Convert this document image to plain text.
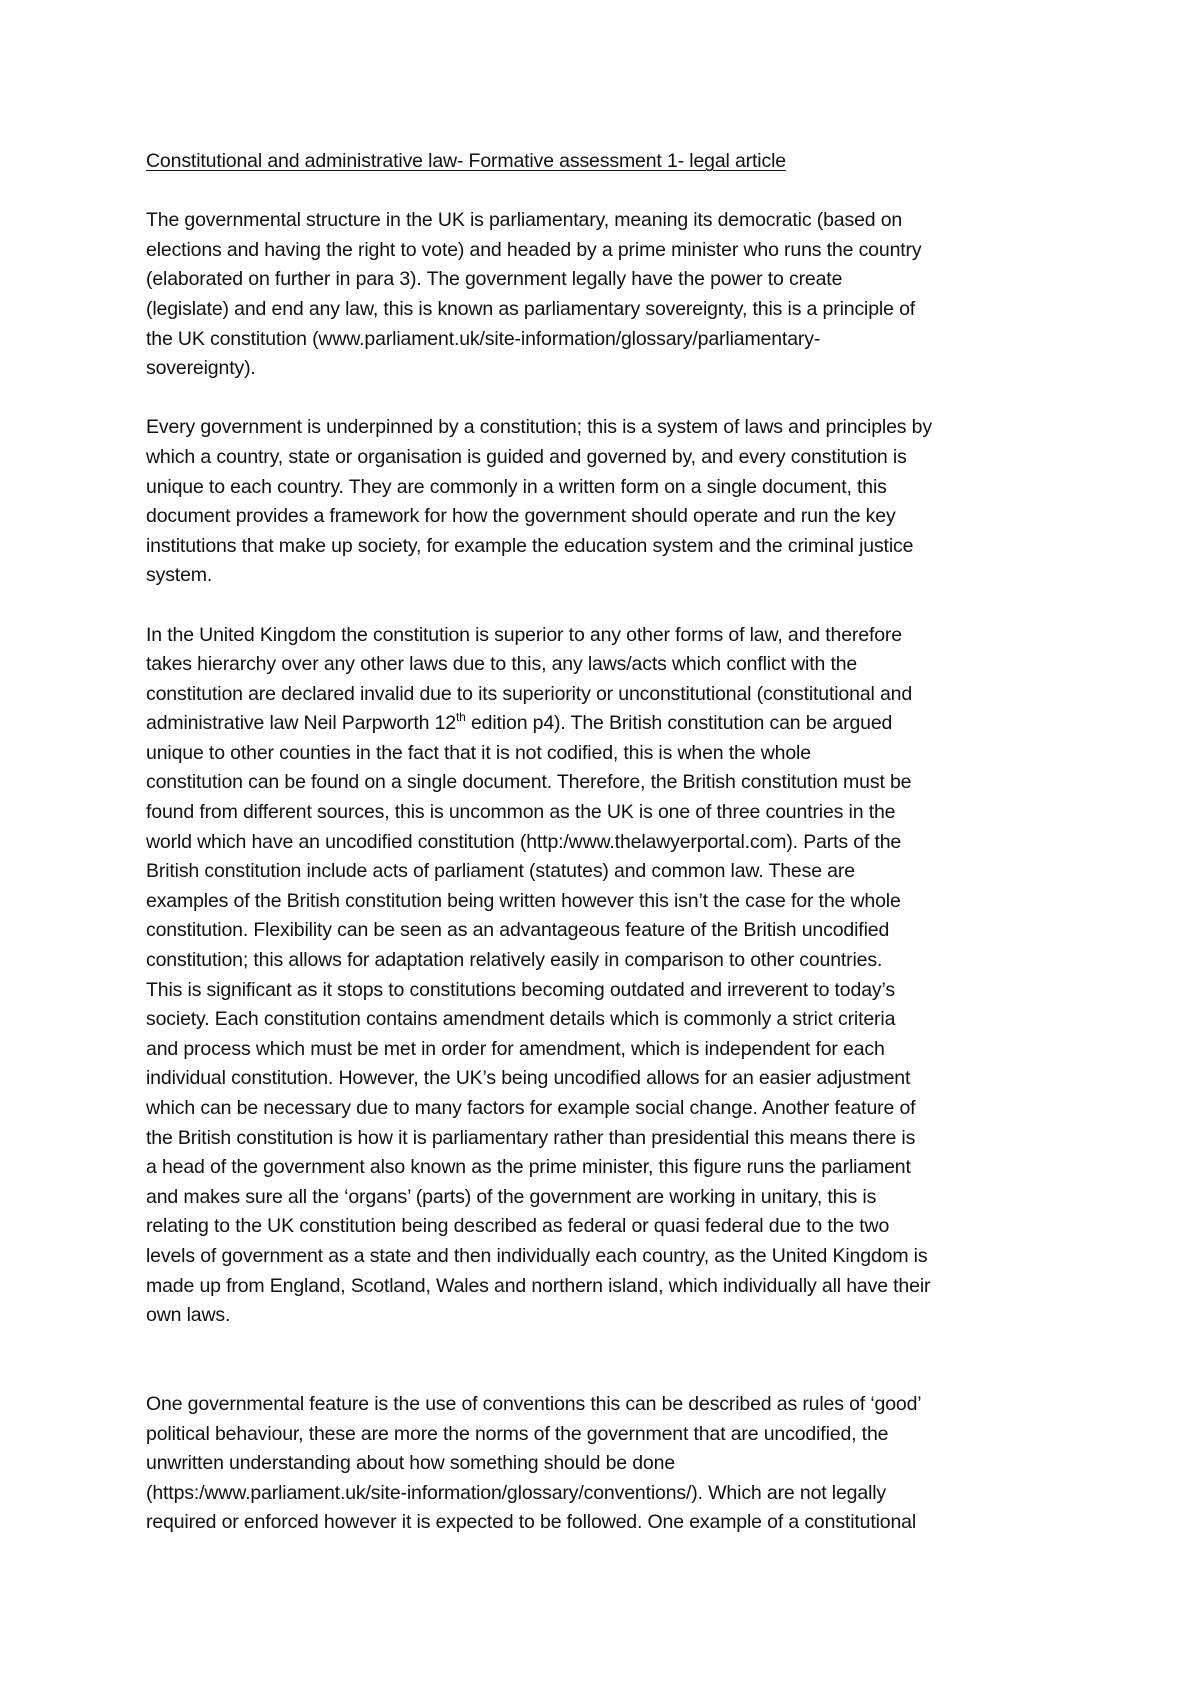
Constitutional and administrative law- Formative assessment 1- legal article
The governmental structure in the UK is parliamentary, meaning its democratic (based on
elections and having the right to vote) and headed by a prime minister who runs the country
(elaborated on further in para 3). The government legally have the power to create
(legislate) and end any law, this is known as parliamentary sovereignty, this is a principle of
the UK constitution (www.parliament.uk/site-information/glossary/parliamentary-
sovereignty).
Every government is underpinned by a constitution; this is a system of laws and principles by
which a country, state or organisation is guided and governed by, and every constitution is
unique to each country. They are commonly in a written form on a single document, this
document provides a framework for how the government should operate and run the key
institutions that make up society, for example the education system and the criminal justice
system.
In the United Kingdom the constitution is superior to any other forms of law, and therefore
takes hierarchy over any other laws due to this, any laws/acts which conflict with the
constitution are declared invalid due to its superiority or unconstitutional (constitutional and
administrative law Neil Parpworth 12th edition p4). The British constitution can be argued
unique to other counties in the fact that it is not codified, this is when the whole
constitution can be found on a single document. Therefore, the British constitution must be
found from different sources, this is uncommon as the UK is one of three countries in the
world which have an uncodified constitution (http:/www.thelawyerportal.com). Parts of the
British constitution include acts of parliament (statutes) and common law. These are
examples of the British constitution being written however this isn’t the case for the whole
constitution. Flexibility can be seen as an advantageous feature of the British uncodified
constitution; this allows for adaptation relatively easily in comparison to other countries.
This is significant as it stops to constitutions becoming outdated and irreverent to today’s
society. Each constitution contains amendment details which is commonly a strict criteria
and process which must be met in order for amendment, which is independent for each
individual constitution. However, the UK’s being uncodified allows for an easier adjustment
which can be necessary due to many factors for example social change. Another feature of
the British constitution is how it is parliamentary rather than presidential this means there is
a head of the government also known as the prime minister, this figure runs the parliament
and makes sure all the ‘organs’ (parts) of the government are working in unitary, this is
relating to the UK constitution being described as federal or quasi federal due to the two
levels of government as a state and then individually each country, as the United Kingdom is
made up from England, Scotland, Wales and northern island, which individually all have their
own laws.
One governmental feature is the use of conventions this can be described as rules of ‘good’
political behaviour, these are more the norms of the government that are uncodified, the
unwritten understanding about how something should be done
(https:/www.parliament.uk/site-information/glossary/conventions/). Which are not legally
required or enforced however it is expected to be followed. One example of a constitutional
